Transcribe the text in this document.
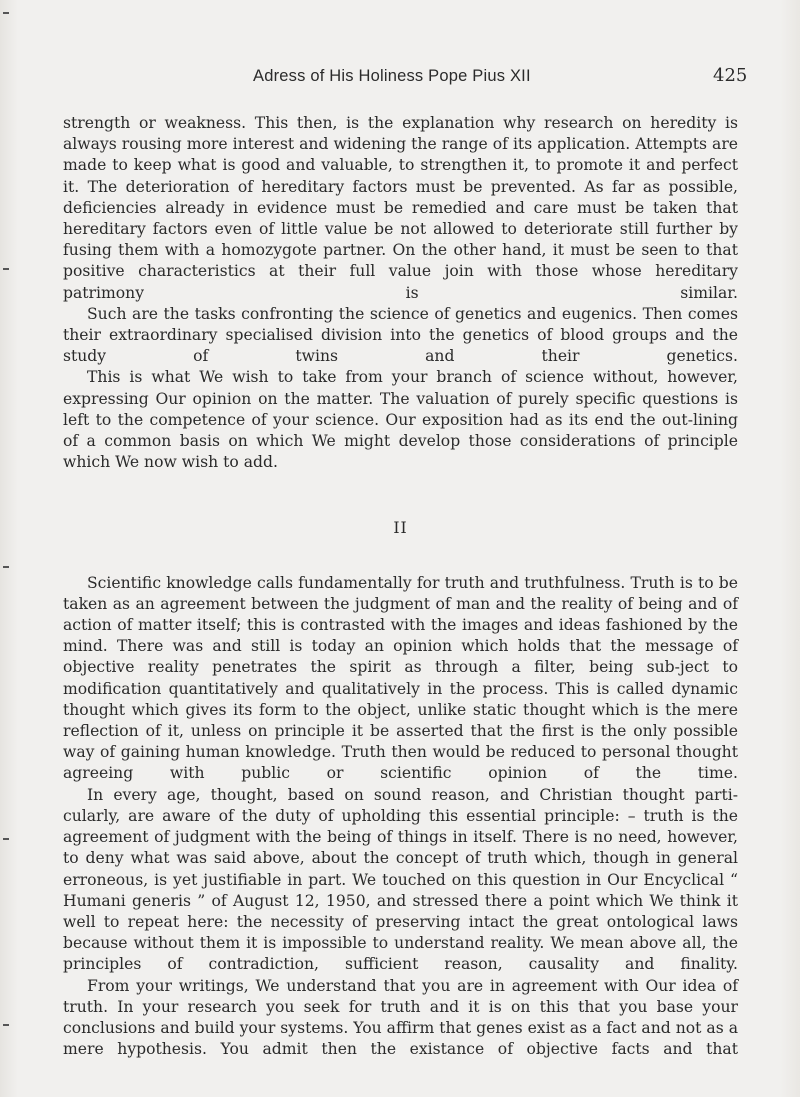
Adress of His Holiness Pope Pius XII	425

strength or weakness. This then, is the explanation why research on heredity is always rousing more interest and widening the range of its application. Attempts are made to keep what is good and valuable, to strengthen it, to promote it and perfect it. The deterioration of hereditary factors must be prevented. As far as possible, deficiencies already in evidence must be remedied and care must be taken that hereditary factors even of little value be not allowed to deteriorate still further by fusing them with a homozygote partner. On the other hand, it must be seen to that positive characteristics at their full value join with those whose hereditary patrimony is similar.

Such are the tasks confronting the science of genetics and eugenics. Then comes their extraordinary specialised division into the genetics of blood groups and the study of twins and their genetics.

This is what We wish to take from your branch of science without, however, expressing Our opinion on the matter. The valuation of purely specific questions is left to the competence of your science. Our exposition had as its end the out-lining of a common basis on which We might develop those considerations of principle which We now wish to add.

II

Scientific knowledge calls fundamentally for truth and truthfulness. Truth is to be taken as an agreement between the judgment of man and the reality of being and of action of matter itself; this is contrasted with the images and ideas fashioned by the mind. There was and still is today an opinion which holds that the message of objective reality penetrates the spirit as through a filter, being sub-ject to modification quantitatively and qualitatively in the process. This is called dynamic thought which gives its form to the object, unlike static thought which is the mere reflection of it, unless on principle it be asserted that the first is the only possible way of gaining human knowledge. Truth then would be reduced to personal thought agreeing with public or scientific opinion of the time.

In every age, thought, based on sound reason, and Christian thought parti-cularly, are aware of the duty of upholding this essential principle: – truth is the agreement of judgment with the being of things in itself. There is no need, however, to deny what was said above, about the concept of truth which, though in general erroneous, is yet justifiable in part. We touched on this question in Our Encyclical “ Humani generis ” of August 12, 1950, and stressed there a point which We think it well to repeat here: the necessity of preserving intact the great ontological laws because without them it is impossible to understand reality. We mean above all, the principles of contradiction, sufficient reason, causality and finality.

From your writings, We understand that you are in agreement with Our idea of truth. In your research you seek for truth and it is on this that you base your conclusions and build your systems. You affirm that genes exist as a fact and not as a mere hypothesis. You admit then the existance of objective facts and that
